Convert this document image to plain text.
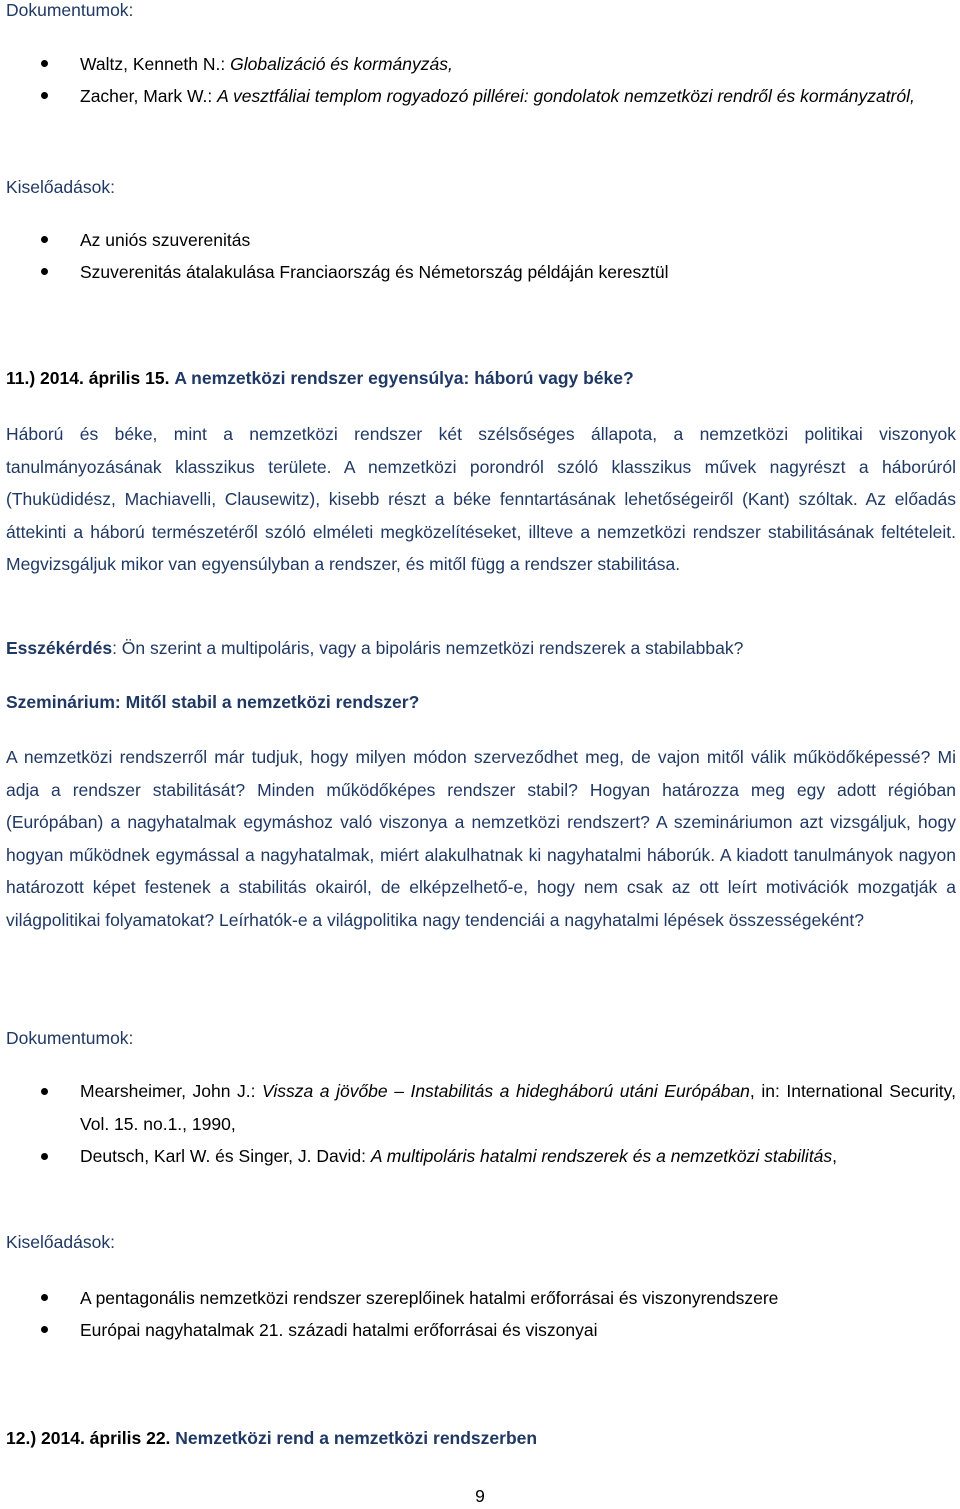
Dokumentumok:
Waltz, Kenneth N.: Globalizáció és kormányzás,
Zacher, Mark W.: A vesztfáliai templom rogyadozó pillérei: gondolatok nemzetközi rendről és kormányzatról,
Kiselőadások:
Az uniós szuverenitás
Szuverenitás átalakulása Franciaország és Németország példáján keresztül
11.) 2014. április 15. A nemzetközi rendszer egyensúlya: háború vagy béke?
Háború és béke, mint a nemzetközi rendszer két szélsőséges állapota, a nemzetközi politikai viszonyok tanulmányozásának klasszikus területe. A nemzetközi porondról szóló klasszikus művek nagyrészt a háborúról (Thuküdidész, Machiavelli, Clausewitz), kisebb részt a béke fenntartásának lehetőségeiről (Kant) szóltak. Az előadás áttekinti a háború természetéről szóló elméleti megközelítéseket, illteve a nemzetközi rendszer stabilitásának feltételeit. Megvizsgáljuk mikor van egyensúlyban a rendszer, és mitől függ a rendszer stabilitása.
Esszékérdés: Ön szerint a multipoláris, vagy a bipoláris nemzetközi rendszerek a stabilabbak?
Szeminárium: Mitől stabil a nemzetközi rendszer?
A nemzetközi rendszerről már tudjuk, hogy milyen módon szerveződhet meg, de vajon mitől válik működőképessé? Mi adja a rendszer stabilitását? Minden működőképes rendszer stabil? Hogyan határozza meg egy adott régióban (Európában) a nagyhatalmak egymáshoz való viszonya a nemzetközi rendszert? A szemináriumon azt vizsgáljuk, hogy hogyan működnek egymással a nagyhatalmak, miért alakulhatnak ki nagyhatalmi háborúk. A kiadott tanulmányok nagyon határozott képet festenek a stabilitás okairól, de elképzelhető-e, hogy nem csak az ott leírt motivációk mozgatják a világpolitikai folyamatokat? Leírhatók-e a világpolitika nagy tendenciái a nagyhatalmi lépések összességeként?
Dokumentumok:
Mearsheimer, John J.: Vissza a jövőbe – Instabilitás a hidegháború utáni Európában, in: International Security, Vol. 15. no.1., 1990,
Deutsch, Karl W. és Singer, J. David: A multipoláris hatalmi rendszerek és a nemzetközi stabilitás,
Kiselőadások:
A pentagonális nemzetközi rendszer szereplőinek hatalmi erőforrásai és viszonyrendszere
Európai nagyhatalmak 21. századi hatalmi erőforrásai és viszonyai
12.) 2014. április 22. Nemzetközi rend a nemzetközi rendszerben
9
